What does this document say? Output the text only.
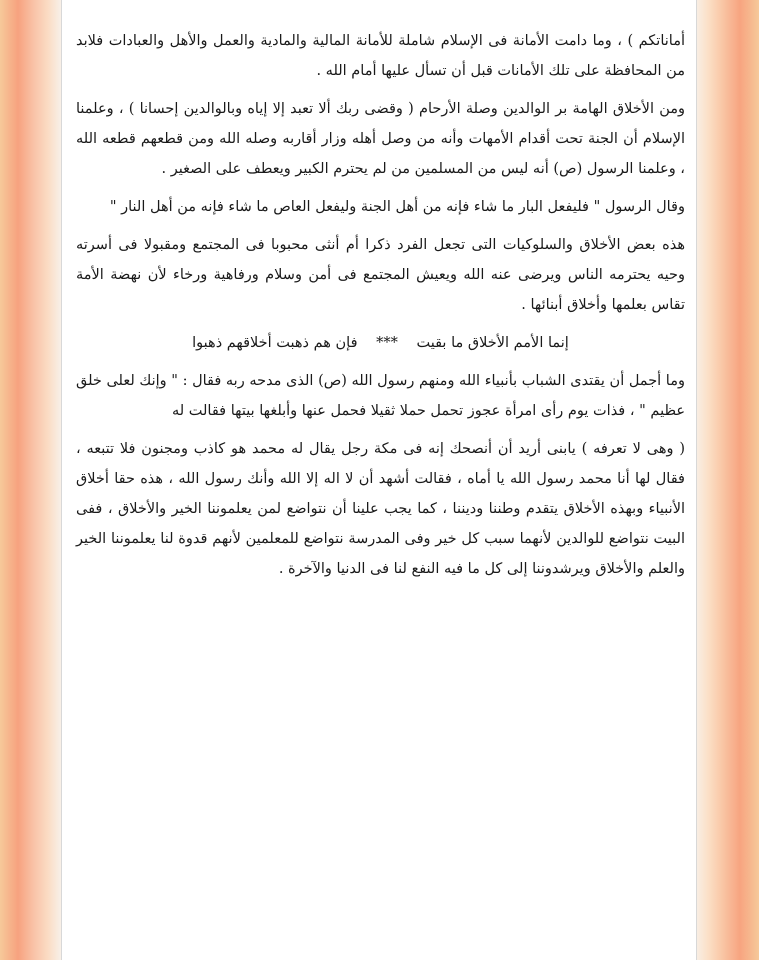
أماناتكم ) ، وما دامت الأمانة فى الإسلام شاملة للأمانة المالية والمادية والعمل والأهل والعبادات فلابد من المحافظة على تلك الأمانات قبل أن تسأل عليها أمام الله .

ومن الأخلاق الهامة بر الوالدين وصلة الأرحام ( وقضى ربك ألا تعبد إلا إياه وبالوالدين إحسانا ) ، وعلمنا الإسلام أن الجنة تحت أقدام الأمهات وأنه من وصل أهله وزار أقاربه وصله الله ومن قطعهم قطعه الله ، وعلمنا الرسول (ص) أنه ليس من المسلمين من لم يحترم الكبير ويعطف على الصغير .

وقال الرسول " فليفعل البار ما شاء فإنه من أهل الجنة وليفعل العاص ما شاء فإنه من أهل النار "

هذه بعض الأخلاق والسلوكيات التى تجعل الفرد ذكرا أم أنثى محبوبا فى المجتمع ومقبولا فى أسرته وحيه يحترمه الناس ويرضى عنه الله ويعيش المجتمع فى أمن وسلام ورفاهية ورخاء لأن نهضة الأمة تقاس بعلمها وأخلاق أبنائها .

إنما الأمم الأخلاق ما بقيت *** فإن هم ذهبت أخلاقهم ذهبوا

وما أجمل أن يقتدى الشباب بأنبياء الله ومنهم رسول الله (ص) الذى مدحه ربه فقال : " وإنك لعلى خلق عظيم " ، فذات يوم رأى امرأة عجوز تحمل حملا ثقيلا فحمل عنها وأبلغها بيتها فقالت له

( وهى لا تعرفه ) يابنى أريد أن أنصحك إنه فى مكة رجل يقال له محمد هو كاذب ومجنون فلا تتبعه ، فقال لها أنا محمد رسول الله يا أماه ، فقالت أشهد أن لا اله إلا الله وأنك رسول الله ، هذه حقا أخلاق الأنبياء وبهذه الأخلاق يتقدم وطننا وديننا ، كما يجب علينا أن نتواضع لمن يعلموننا الخير والأخلاق ، ففى البيت نتواضع للوالدين لأنهما سبب كل خير وفى المدرسة نتواضع للمعلمين لأنهم قدوة لنا يعلموننا الخير والعلم والأخلاق ويرشدوننا إلى كل ما فيه النفع لنا فى الدنيا والآخرة .
